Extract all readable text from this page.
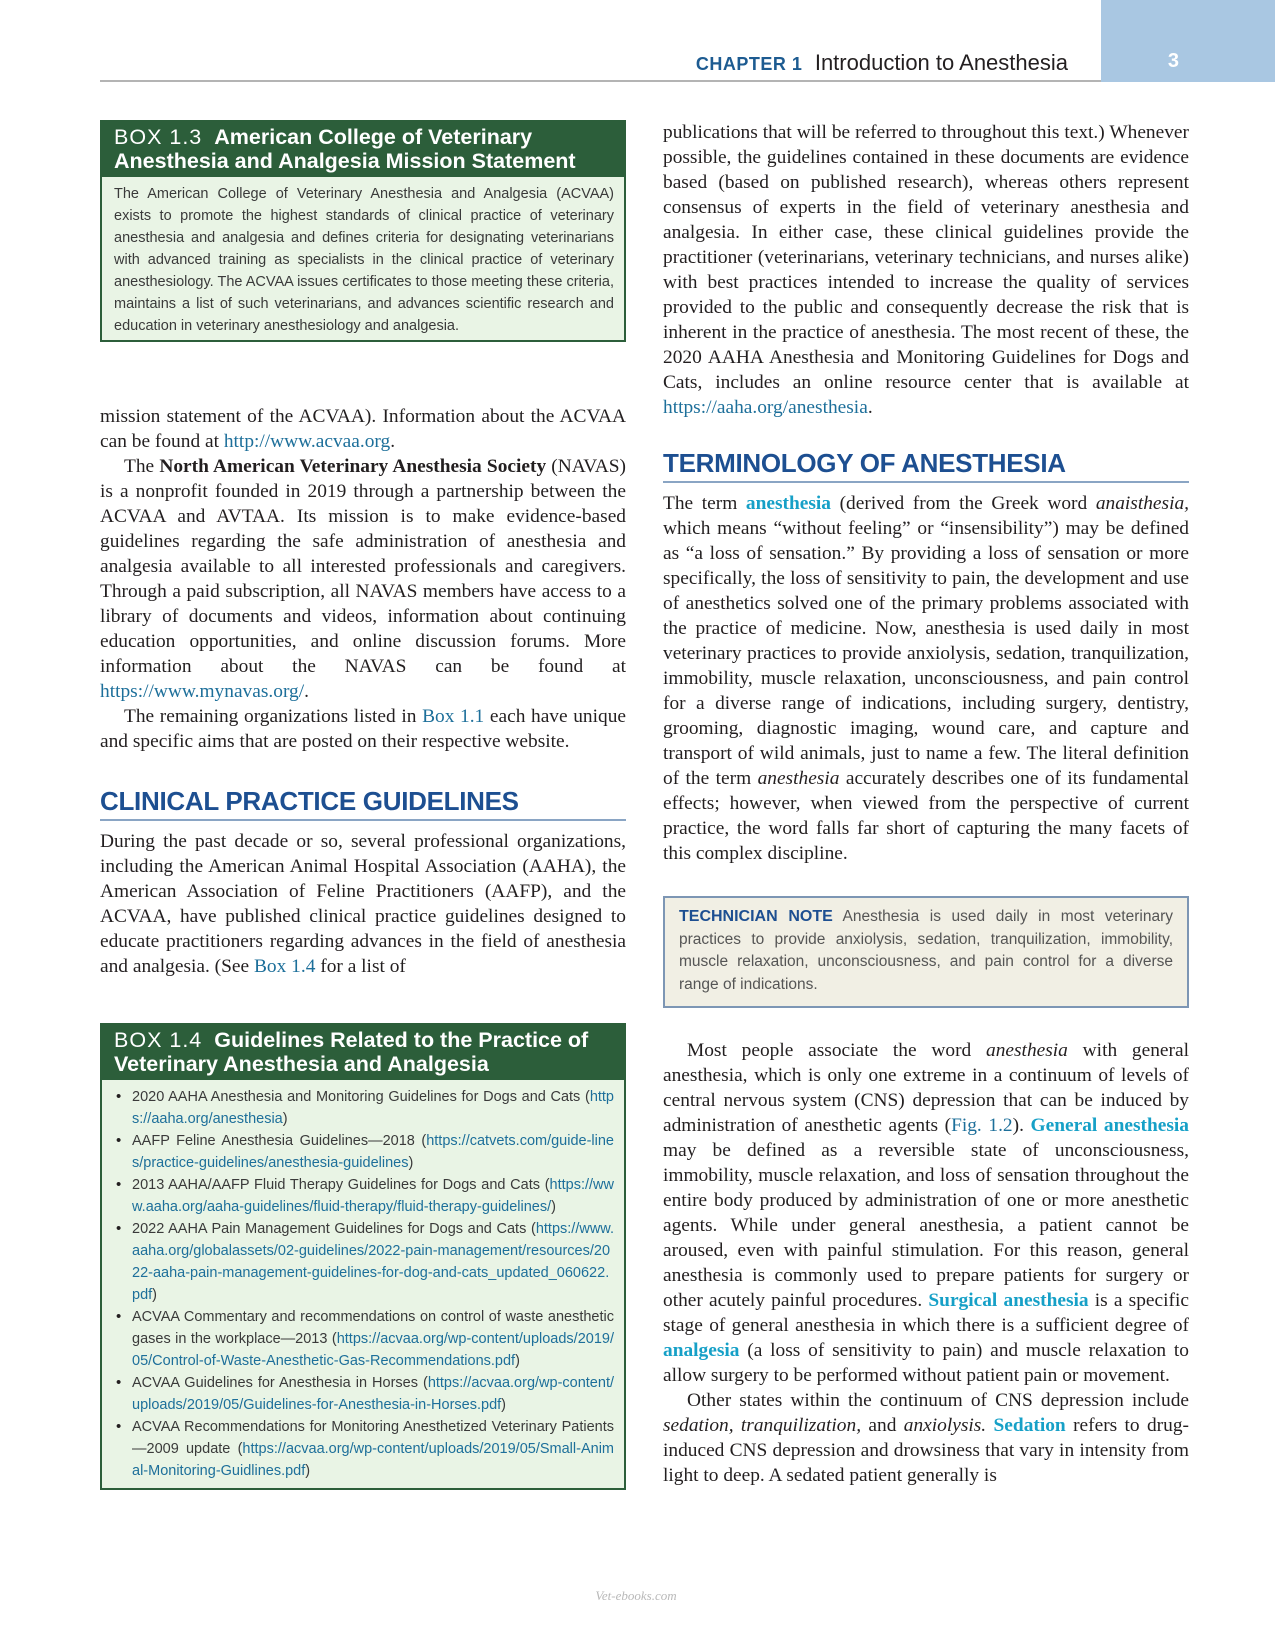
3
CHAPTER 1 Introduction to Anesthesia
BOX 1.3 American College of Veterinary Anesthesia and Analgesia Mission Statement
The American College of Veterinary Anesthesia and Analgesia (ACVAA) exists to promote the highest standards of clinical practice of veterinary anesthesia and analgesia and defines criteria for designating veterinarians with advanced training as specialists in the clinical practice of veterinary anesthesiology. The ACVAA issues certificates to those meeting these criteria, maintains a list of such veterinarians, and advances scientific research and education in veterinary anesthesiology and analgesia.

mission statement of the ACVAA). Information about the ACVAA can be found at http://www.acvaa.org.

The North American Veterinary Anesthesia Society (NAVAS) is a nonprofit founded in 2019 through a partnership between the ACVAA and AVTAA. Its mission is to make evidence-based guidelines regarding the safe administration of anesthesia and analgesia available to all interested professionals and caregivers. Through a paid subscription, all NAVAS members have access to a library of documents and videos, information about continuing education opportunities, and online discussion forums. More information about the NAVAS can be found at https://www.mynavas.org/.

The remaining organizations listed in Box 1.1 each have unique and specific aims that are posted on their respective website.

CLINICAL PRACTICE GUIDELINES

During the past decade or so, several professional organizations, including the American Animal Hospital Association (AAHA), the American Association of Feline Practitioners (AAFP), and the ACVAA, have published clinical practice guidelines designed to educate practitioners regarding advances in the field of anesthesia and analgesia. (See Box 1.4 for a list of

BOX 1.4 Guidelines Related to the Practice of Veterinary Anesthesia and Analgesia
• 2020 AAHA Anesthesia and Monitoring Guidelines for Dogs and Cats (https://aaha.org/anesthesia)
• AAFP Feline Anesthesia Guidelines—2018 (https://catvets.com/guide-lines/practice-guidelines/anesthesia-guidelines)
• 2013 AAHA/AAFP Fluid Therapy Guidelines for Dogs and Cats (https://www.aaha.org/aaha-guidelines/fluid-therapy/fluid-therapy-guidelines/)
• 2022 AAHA Pain Management Guidelines for Dogs and Cats (https://www.aaha.org/globalassets/02-guidelines/2022-pain-management/resources/2022-aaha-pain-management-guidelines-for-dog-and-cats_updated_060622.pdf)
• ACVAA Commentary and recommendations on control of waste anesthetic gases in the workplace—2013 (https://acvaa.org/wp-content/uploads/2019/05/Control-of-Waste-Anesthetic-Gas-Recommendations.pdf)
• ACVAA Guidelines for Anesthesia in Horses (https://acvaa.org/wp-content/uploads/2019/05/Guidelines-for-Anesthesia-in-Horses.pdf)
• ACVAA Recommendations for Monitoring Anesthetized Veterinary Patients—2009 update (https://acvaa.org/wp-content/uploads/2019/05/Small-Animal-Monitoring-Guidlines.pdf)

publications that will be referred to throughout this text.) Whenever possible, the guidelines contained in these documents are evidence based (based on published research), whereas others represent consensus of experts in the field of veterinary anesthesia and analgesia. In either case, these clinical guidelines provide the practitioner (veterinarians, veterinary technicians, and nurses alike) with best practices intended to increase the quality of services provided to the public and consequently decrease the risk that is inherent in the practice of anesthesia. The most recent of these, the 2020 AAHA Anesthesia and Monitoring Guidelines for Dogs and Cats, includes an online resource center that is available at https://aaha.org/anesthesia.

TERMINOLOGY OF ANESTHESIA

The term anesthesia (derived from the Greek word anaisthesia, which means “without feeling” or “insensibility”) may be defined as “a loss of sensation.” By providing a loss of sensation or more specifically, the loss of sensitivity to pain, the development and use of anesthetics solved one of the primary problems associated with the practice of medicine. Now, anesthesia is used daily in most veterinary practices to provide anxiolysis, sedation, tranquilization, immobility, muscle relaxation, unconsciousness, and pain control for a diverse range of indications, including surgery, dentistry, grooming, diagnostic imaging, wound care, and capture and transport of wild animals, just to name a few. The literal definition of the term anesthesia accurately describes one of its fundamental effects; however, when viewed from the perspective of current practice, the word falls far short of capturing the many facets of this complex discipline.

TECHNICIAN NOTE Anesthesia is used daily in most veterinary practices to provide anxiolysis, sedation, tranquilization, immobility, muscle relaxation, unconsciousness, and pain control for a diverse range of indications.

Most people associate the word anesthesia with general anesthesia, which is only one extreme in a continuum of levels of central nervous system (CNS) depression that can be induced by administration of anesthetic agents (Fig. 1.2). General anesthesia may be defined as a reversible state of unconsciousness, immobility, muscle relaxation, and loss of sensation throughout the entire body produced by administration of one or more anesthetic agents. While under general anesthesia, a patient cannot be aroused, even with painful stimulation. For this reason, general anesthesia is commonly used to prepare patients for surgery or other acutely painful procedures. Surgical anesthesia is a specific stage of general anesthesia in which there is a sufficient degree of analgesia (a loss of sensitivity to pain) and muscle relaxation to allow surgery to be performed without patient pain or movement.

Other states within the continuum of CNS depression include sedation, tranquilization, and anxiolysis. Sedation refers to drug-induced CNS depression and drowsiness that vary in intensity from light to deep. A sedated patient generally is

Vet-ebooks.com
